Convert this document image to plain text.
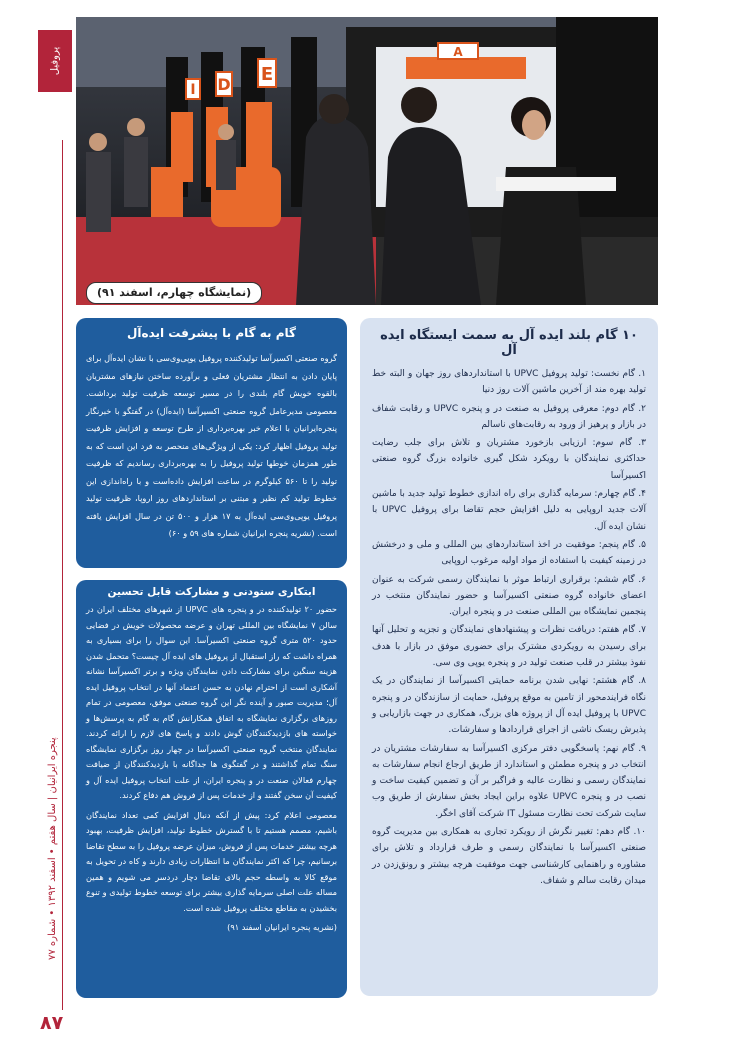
پروفیل
پنجره ایرانیان | سال هفتم • اسفند ۱۳۹۲ • شماره ۷۷
۸۷
I D E
A
(نمایشگاه چهارم، اسفند ۹۱)
گام به گام با پیشرفت ایده‌آل

گروه صنعتی اکسیرآسا تولیدکننده پروفیل یوپی‌وی‌سی با نشان ایده‌آل برای پایان دادن به انتظار مشتریان فعلی و برآورده ساختن نیازهای مشتریان بالقوه خویش گام بلندی را در مسیر توسعه ظرفیت تولید برداشت. معصومی مدیرعامل گروه صنعتی اکسیرآسا (ایده‌آل) در گفتگو با خبرنگار پنجره‌ایرانیان با اعلام خبر بهره‌برداری از طرح توسعه و افزایش ظرفیت تولید پروفیل اظهار کرد: یکی از ویژگی‌های منحصر به فرد این است که به طور همزمان خوطها تولید پروفیل را به بهره‌برداری رساندیم که ظرفیت تولید را تا ۵۶۰ کیلوگرم در ساعت افزایش داده‌است و با راه‌اندازی این خطوط تولید کم نظیر و مبتنی بر استانداردهای روز اروپا، ظرفیت تولید پروفیل یوپی‌وی‌سی ایده‌آل به ۱۷ هزار و ۵۰۰ تن در سال افزایش یافته است. (نشریه پنجره ایرانیان شماره های ۵۹ و ۶۰)

ابتکاری ستودنی و مشارکت قابل تحسین

حضور ۲۰ تولیدکننده در و پنجره های UPVC از شهرهای مختلف ایران در سالن ۷ نمایشگاه بین المللی تهران و عرضه محصولات خویش در فضایی حدود ۵۲۰ متری گروه صنعتی اکسیرآسا. این سوال را برای بسیاری به همراه داشت که راز استقبال از پروفیل های ایده آل چیست؟ متحمل شدن هزینه سنگین برای مشارکت دادن نمایندگان ویژه و برتر اکسیرآسا نشانه آشکاری است از احترام نهادن به حسن اعتماد آنها در انتخاب پروفیل ایده آل؛ مدیریت صبور و آینده نگر این گروه صنعتی موفق، معصومی در تمام روزهای برگزاری نمایشگاه به اتفاق همکارانش گام به گام به پرسش‌ها و خواسته های بازدیدکنندگان گوش دادند و پاسخ های لازم را ارائه کردند. نمایندگان منتخب گروه صنعتی اکسیرآسا در چهار روز برگزاری نمایشگاه سنگ تمام گذاشتند و در گفتگوی ها جداگانه با بازدیدکنندگان از ضیافت چهارم فعالان صنعت در و پنجره ایران، از علت انتخاب پروفیل ایده آل و کیفیت آن سخن گفتند و از خدمات پس از فروش هم دفاع کردند.

معصومی اعلام کرد: پیش از آنکه دنبال افزایش کمی تعداد نمایندگان باشیم، مصمم هستیم تا با گسترش خطوط تولید، افزایش ظرفیت، بهبود هرچه بیشتر خدمات پس از فروش، میزان عرضه پروفیل را به سطح تقاضا برسانیم، چرا که اکثر نمایندگان ما انتظارات زیادی دارند و کاه در تحویل به موقع کالا به واسطه حجم بالای تقاضا دچار دردسر می شویم و همین مساله علت اصلی سرمایه گذاری بیشتر برای توسعه خطوط تولیدی و تنوع بخشیدن به مقاطع مختلف پروفیل شده است.

(نشریه پنجره ایرانیان اسفند ۹۱)

۱۰ گام بلند ایده آل به سمت ایستگاه ایده آل

۱. گام نخست: تولید پروفیل UPVC با استانداردهای روز جهان و البته خط تولید بهره مند از آخرین ماشین آلات روز دنیا

۲. گام دوم: معرفی پروفیل به صنعت در و پنجره UPVC و رقابت شفاف در بازار و پرهیز از ورود به رقابت‌های ناسالم

۳. گام سوم: ارزیابی بازخورد مشتریان و تلاش برای جلب رضایت حداکثری نمایندگان با رویکرد شکل گیری خانواده بزرگ گروه صنعتی اکسیرآسا

۴. گام چهارم: سرمایه گذاری برای راه اندازی خطوط تولید جدید با ماشین آلات جدید اروپایی به دلیل افزایش حجم تقاضا برای پروفیل UPVC با نشان ایده آل.

۵. گام پنجم: موفقیت در اخذ استانداردهای بین المللی و ملی و درخشش در زمینه کیفیت با استفاده از مواد اولیه مرغوب اروپایی

۶. گام ششم: برقراری ارتباط موثر با نمایندگان رسمی شرکت به عنوان اعضای خانواده گروه صنعتی اکسیرآسا و حضور نمایندگان منتخب در پنجمین نمایشگاه بین المللی صنعت در و پنجره ایران.

۷. گام هفتم: دریافت نظرات و پیشنهادهای نمایندگان و تجزیه و تحلیل آنها برای رسیدن به رویکردی مشترک برای حضوری موفق در بازار با هدف نفوذ بیشتر در قلب صنعت تولید در و پنجره یوپی وی سی.

۸. گام هشتم: نهایی شدن برنامه حمایتی اکسیرآسا از نمایندگان در یک نگاه فرایندمحور از تامین به موقع پروفیل، حمایت از سازندگان در و پنجره UPVC با پروفیل ایده آل از پروژه های بزرگ، همکاری در جهت بازاریابی و پذیرش ریسک ناشی از اجرای قراردادها و سفارشات.

۹. گام نهم: پاسخگویی دفتر مرکزی اکسیرآسا به سفارشات مشتریان در انتخاب در و پنجره مطمئن و استاندارد از طریق ارجاع انجام سفارشات به نمایندگان رسمی و نظارت عالیه و فراگیر بر آن و تضمین کیفیت ساخت و نصب در و پنجره UPVC علاوه براین ایجاد بخش سفارش از طریق وب سایت شرکت تحت نظارت مسئول IT شرکت آقای اخگر.

۱۰. گام دهم: تغییر نگرش از رویکرد تجاری به همکاری بین مدیریت گروه صنعتی اکسیرآسا با نمایندگان رسمی و طرف قرارداد و تلاش برای مشاوره و راهنمایی کارشناسی جهت موفقیت هرچه بیشتر و رونق‌زدن در میدان رقابت سالم و شفاف.
